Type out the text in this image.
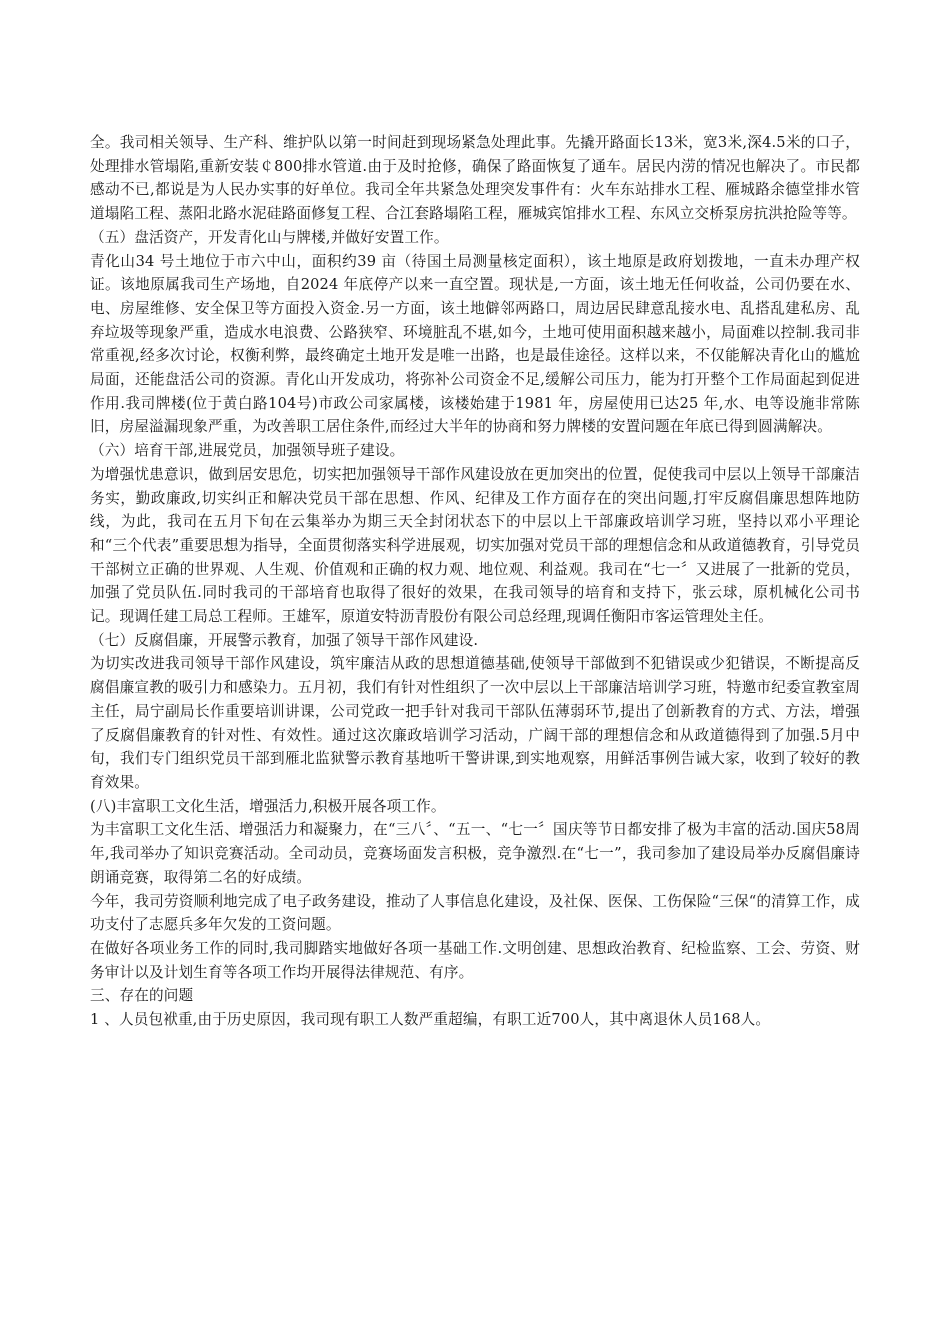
全。我司相关领导、生产科、维护队以第一时间赶到现场紧急处理此事。先撬开路面长13米，宽3米,深4.5米的口子，处理排水管塌陷,重新安装￠800排水管道.由于及时抢修，确保了路面恢复了通车。居民内涝的情况也解决了。市民都感动不已,都说是为人民办实事的好单位。我司全年共紧急处理突发事件有：火车东站排水工程、雁城路余德堂排水管道塌陷工程、蒸阳北路水泥硅路面修复工程、合江套路塌陷工程，雁城宾馆排水工程、东风立交桥泵房抗洪抢险等等。

（五）盘活资产，开发青化山与牌楼,并做好安置工作。

青化山34 号土地位于市六中山，面积约39 亩（待国土局测量核定面积），该土地原是政府划拨地，一直未办理产权证。该地原属我司生产场地，自2024 年底停产以来一直空置。现状是,一方面，该土地无任何收益，公司仍要在水、电、房屋维修、安全保卫等方面投入资金.另一方面，该土地僻邻两路口，周边居民肆意乱接水电、乱搭乱建私房、乱弃垃圾等现象严重，造成水电浪费、公路狭窄、环境脏乱不堪,如今，土地可使用面积越来越小，局面难以控制.我司非常重视,经多次讨论，权衡利弊，最终确定土地开发是唯一出路，也是最佳途径。这样以来，不仅能解决青化山的尴尬局面，还能盘活公司的资源。青化山开发成功，将弥补公司资金不足,缓解公司压力，能为打开整个工作局面起到促进作用.我司牌楼(位于黄白路104号)市政公司家属楼，该楼始建于1981 年，房屋使用已达25 年,水、电等设施非常陈旧，房屋溢漏现象严重，为改善职工居住条件,而经过大半年的协商和努力牌楼的安置问题在年底已得到圆满解决。

（六）培育干部,进展党员，加强领导班子建设。

为增强忧患意识，做到居安思危，切实把加强领导干部作风建设放在更加突出的位置，促使我司中层以上领导干部廉洁务实，勤政廉政,切实纠正和解决党员干部在思想、作风、纪律及工作方面存在的突出问题,打牢反腐倡廉思想阵地防线，为此，我司在五月下旬在云集举办为期三天全封闭状态下的中层以上干部廉政培训学习班，坚持以邓小平理论和“三个代表”重要思想为指导，全面贯彻落实科学进展观，切实加强对党员干部的理想信念和从政道德教育，引导党员干部树立正确的世界观、人生观、价值观和正确的权力观、地位观、利益观。我司在“七一〞又进展了一批新的党员，加强了党员队伍.同时我司的干部培育也取得了很好的效果，在我司领导的培育和支持下，张云球，原机械化公司书记。现调任建工局总工程师。王雄军，原道安特沥青股份有限公司总经理,现调任衡阳市客运管理处主任。

（七）反腐倡廉，开展警示教育，加强了领导干部作风建设.

为切实改进我司领导干部作风建设，筑牢廉洁从政的思想道德基础,使领导干部做到不犯错误或少犯错误，不断提高反腐倡廉宣教的吸引力和感染力。五月初，我们有针对性组织了一次中层以上干部廉洁培训学习班，特邀市纪委宣教室周主任，局宁副局长作重要培训讲课，公司党政一把手针对我司干部队伍薄弱环节,提出了创新教育的方式、方法，增强了反腐倡廉教育的针对性、有效性。通过这次廉政培训学习活动，广阔干部的理想信念和从政道德得到了加强.5月中旬，我们专门组织党员干部到雁北监狱警示教育基地听干警讲课,到实地观察，用鲜活事例告诫大家，收到了较好的教育效果。

(八)丰富职工文化生活，增强活力,积极开展各项工作。

为丰富职工文化生活、增强活力和凝聚力，在“三八〞、“五一、“七一〞国庆等节日都安排了极为丰富的活动.国庆58周年,我司举办了知识竞赛活动。全司动员，竞赛场面发言积极，竞争激烈.在“七一”，我司参加了建设局举办反腐倡廉诗朗诵竞赛，取得第二名的好成绩。

今年，我司劳资顺利地完成了电子政务建设，推动了人事信息化建设，及社保、医保、工伤保险“三保“的清算工作，成功支付了志愿兵多年欠发的工资问题。

在做好各项业务工作的同时,我司脚踏实地做好各项一基础工作.文明创建、思想政治教育、纪检监察、工会、劳资、财务审计以及计划生育等各项工作均开展得法律规范、有序。

三、存在的问题

1 、人员包袱重,由于历史原因，我司现有职工人数严重超编，有职工近700人，其中离退休人员168人。
